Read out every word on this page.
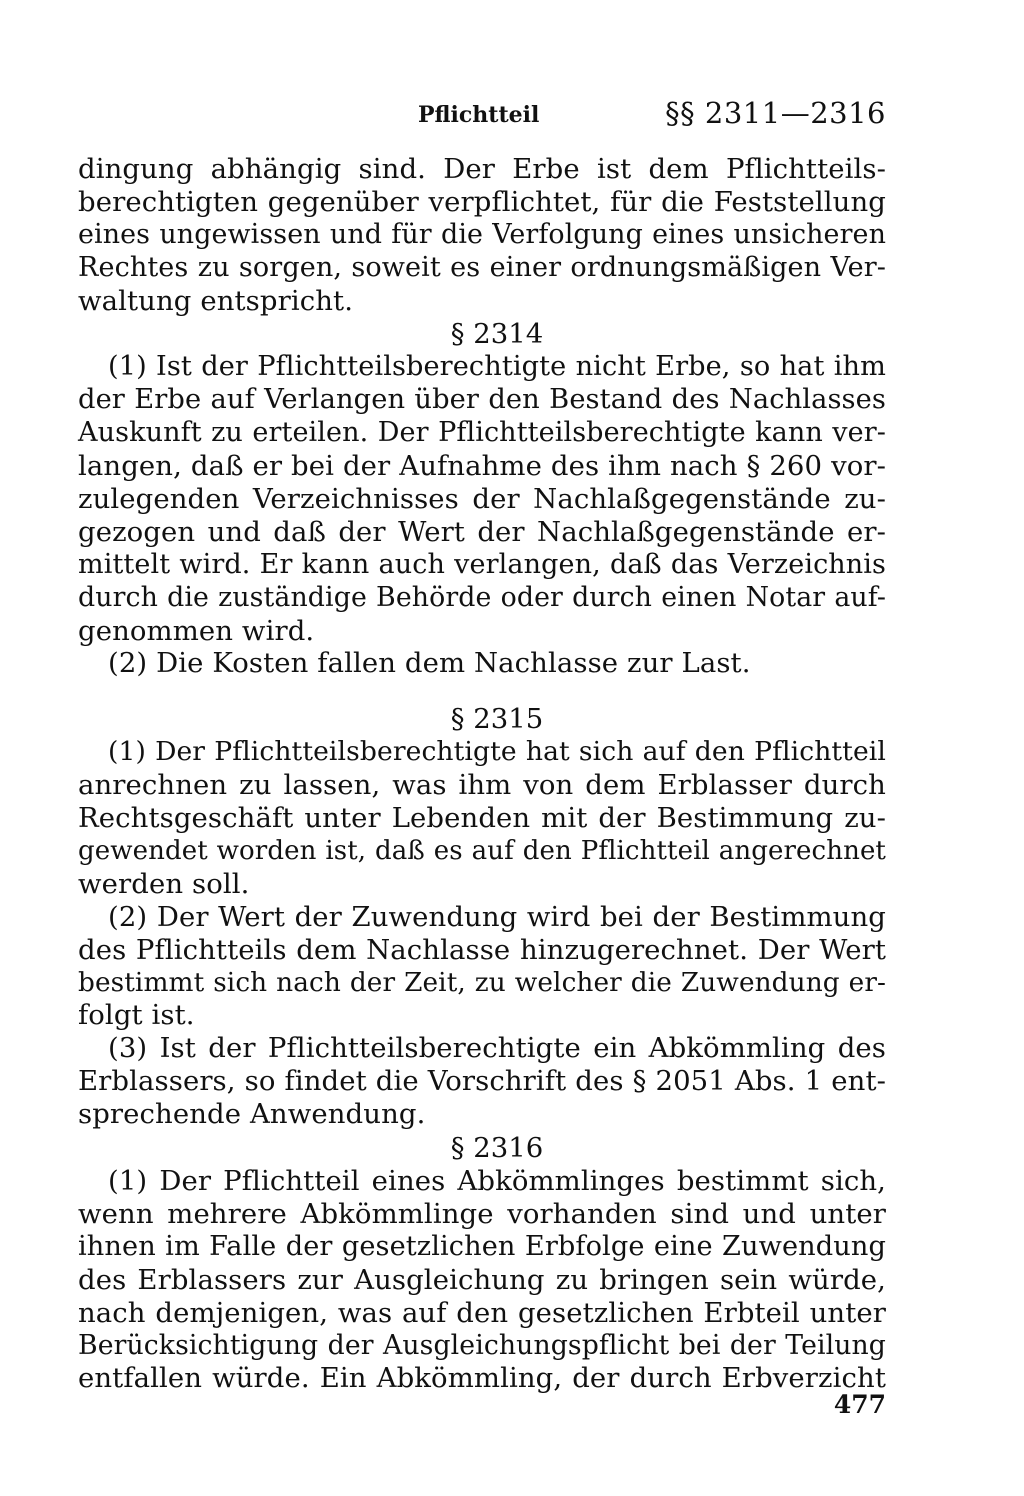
Pflichtteil	§§ 2311—2316
dingung abhängig sind. Der Erbe ist dem Pflichtteils-
berechtigten gegenüber verpflichtet, für die Feststellung
eines ungewissen und für die Verfolgung eines unsicheren
Rechtes zu sorgen, soweit es einer ordnungsmäßigen Ver-
waltung entspricht.
§ 2314
(1) Ist der Pflichtteilsberechtigte nicht Erbe, so hat ihm
der Erbe auf Verlangen über den Bestand des Nachlasses
Auskunft zu erteilen. Der Pflichtteilsberechtigte kann ver-
langen, daß er bei der Aufnahme des ihm nach § 260 vor-
zulegenden Verzeichnisses der Nachlaßgegenstände zu-
gezogen und daß der Wert der Nachlaßgegenstände er-
mittelt wird. Er kann auch verlangen, daß das Verzeichnis
durch die zuständige Behörde oder durch einen Notar auf-
genommen wird.
(2) Die Kosten fallen dem Nachlasse zur Last.
§ 2315
(1) Der Pflichtteilsberechtigte hat sich auf den Pflichtteil
anrechnen zu lassen, was ihm von dem Erblasser durch
Rechtsgeschäft unter Lebenden mit der Bestimmung zu-
gewendet worden ist, daß es auf den Pflichtteil angerechnet
werden soll.
(2) Der Wert der Zuwendung wird bei der Bestimmung
des Pflichtteils dem Nachlasse hinzugerechnet. Der Wert
bestimmt sich nach der Zeit, zu welcher die Zuwendung er-
folgt ist.
(3) Ist der Pflichtteilsberechtigte ein Abkömmling des
Erblassers, so findet die Vorschrift des § 2051 Abs. 1 ent-
sprechende Anwendung.
§ 2316
(1) Der Pflichtteil eines Abkömmlinges bestimmt sich,
wenn mehrere Abkömmlinge vorhanden sind und unter
ihnen im Falle der gesetzlichen Erbfolge eine Zuwendung
des Erblassers zur Ausgleichung zu bringen sein würde,
nach demjenigen, was auf den gesetzlichen Erbteil unter
Berücksichtigung der Ausgleichungspflicht bei der Teilung
entfallen würde. Ein Abkömmling, der durch Erbverzicht
477
